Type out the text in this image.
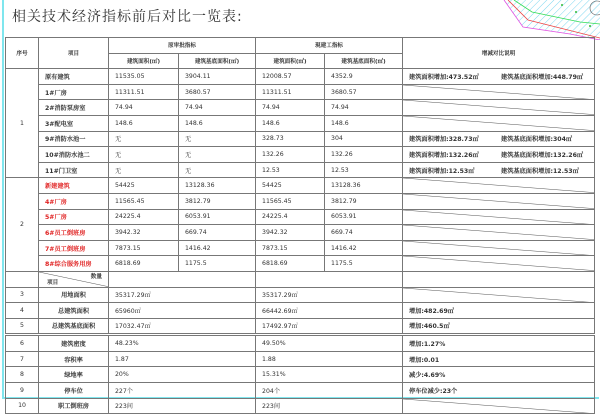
相关技术经济指标前后对比一览表:
序号	项目	原审批指标		現建工指标		增减对比说明
		建筑面积(㎡)	建筑基底面积(㎡)	建筑面积(㎡)	建筑基底面积(㎡)	
1	原有建筑	11535.05	3904.11	12008.57	4352.9	建筑面积增加:473.52㎡ 建筑基底面积增加:448.79㎡
	1#厂房	11311.51	3680.57	11311.51	3680.57	

	2#消防泵房室	74.94	74.94	74.94	74.94	

	3#配电室	148.6	148.6	148.6	148.6	

	9#消防水池一	无	无	328.73	304	建筑面积增加:328.73㎡ 建筑基底面积增加:304㎡
	10#消防水池二	无	无	132.26	132.26	建筑面积增加:132.26㎡ 建筑基底面积增加:132.26㎡
	11#门卫室	无	无	12.53	12.53	建筑面积增加:12.53㎡ 建筑基底面积增加:12.53㎡
2	新建建筑	54425	13128.36	54425	13128.36	

	4#厂房	11565.45	3812.79	11565.45	3812.79	

	5#厂房	24225.4	6053.91	24225.4	6053.91	

	6#员工倒班房	3942.32	669.74	3942.32	669.74	

	7#员工倒班房	7873.15	1416.42	7873.15	1416.42	

	8#综合服务用房	6818.69	1175.5	6818.69	1175.5	

	数量
项目					

3	用地面积	35317.29㎡		35317.29㎡	

4	总建筑面积	65960㎡		66442.69㎡		增加:482.69㎡
5	总建筑基底面积	17032.47㎡		17492.97㎡		增加:460.5㎡
6	建筑密度	48.23%		49.50%		增加:1.27%
7	容积率	1.87		1.88		增加:0.01
8	绿地率	20%		15.31%		减少:4.69%
9	停车位	227个		204个		停车位减少:23个
10	职工倒班房	223间		223间	
